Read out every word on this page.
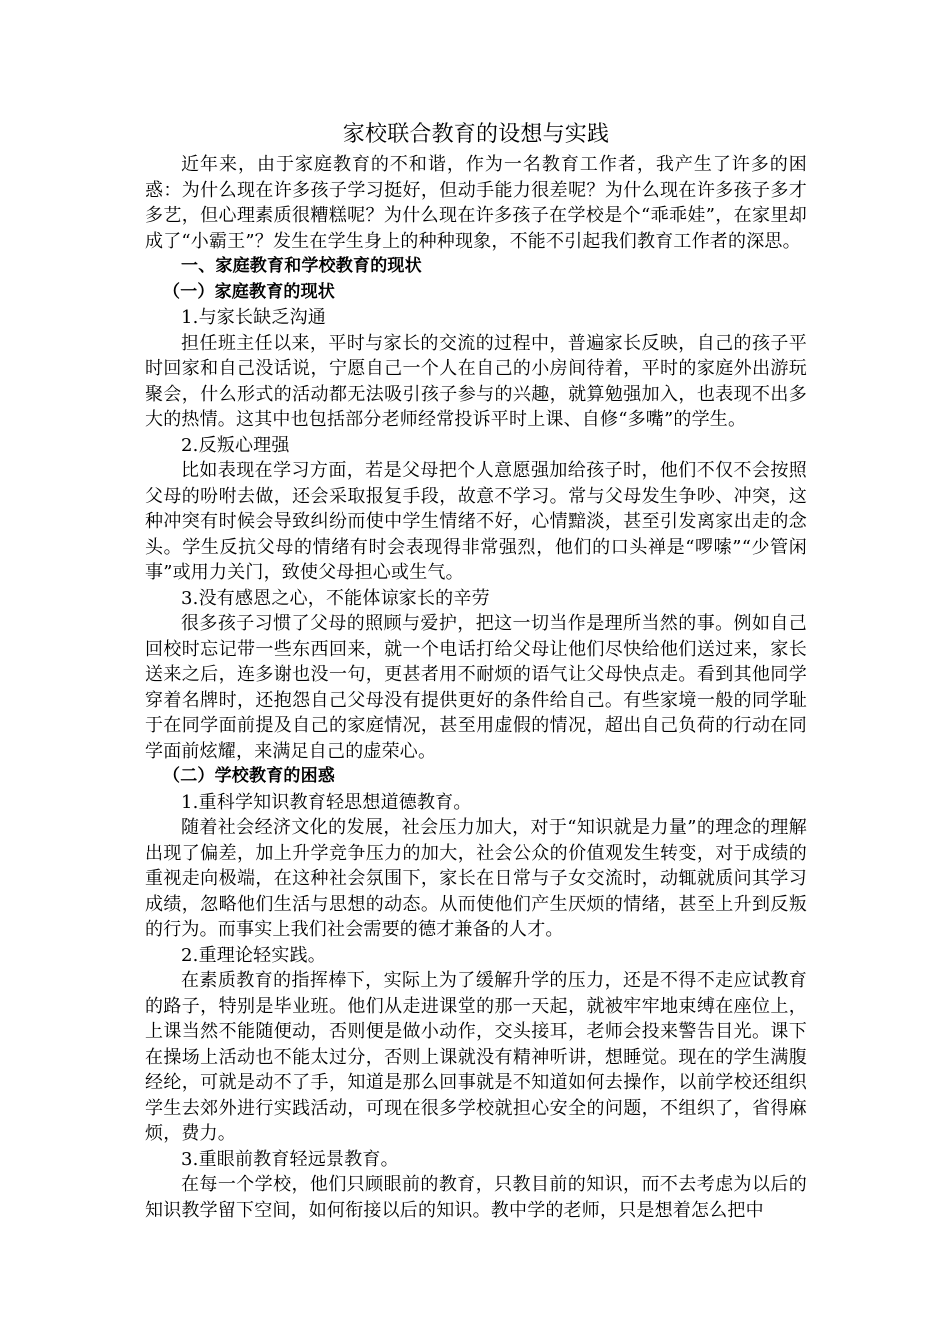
家校联合教育的设想与实践

近年来，由于家庭教育的不和谐，作为一名教育工作者，我产生了许多的困惑：为什么现在许多孩子学习挺好，但动手能力很差呢？为什么现在许多孩子多才多艺，但心理素质很糟糕呢？为什么现在许多孩子在学校是个“乖乖娃”，在家里却成了“小霸王”？发生在学生身上的种种现象，不能不引起我们教育工作者的深思。

一、家庭教育和学校教育的现状

（一）家庭教育的现状

1.与家长缺乏沟通

担任班主任以来，平时与家长的交流的过程中，普遍家长反映，自己的孩子平时回家和自己没话说，宁愿自己一个人在自己的小房间待着，平时的家庭外出游玩聚会，什么形式的活动都无法吸引孩子参与的兴趣，就算勉强加入，也表现不出多大的热情。这其中也包括部分老师经常投诉平时上课、自修“多嘴”的学生。

2.反叛心理强

比如表现在学习方面，若是父母把个人意愿强加给孩子时，他们不仅不会按照父母的吩咐去做，还会采取报复手段，故意不学习。常与父母发生争吵、冲突，这种冲突有时候会导致纠纷而使中学生情绪不好，心情黯淡，甚至引发离家出走的念头。学生反抗父母的情绪有时会表现得非常强烈，他们的口头禅是“啰嗦”“少管闲事”或用力关门，致使父母担心或生气。

3.没有感恩之心，不能体谅家长的辛劳

很多孩子习惯了父母的照顾与爱护，把这一切当作是理所当然的事。例如自己回校时忘记带一些东西回来，就一个电话打给父母让他们尽快给他们送过来，家长送来之后，连多谢也没一句，更甚者用不耐烦的语气让父母快点走。看到其他同学穿着名牌时，还抱怨自己父母没有提供更好的条件给自己。有些家境一般的同学耻于在同学面前提及自己的家庭情况，甚至用虚假的情况，超出自己负荷的行动在同学面前炫耀，来满足自己的虚荣心。

（二）学校教育的困惑

1.重科学知识教育轻思想道德教育。

随着社会经济文化的发展，社会压力加大，对于“知识就是力量”的理念的理解出现了偏差，加上升学竞争压力的加大，社会公众的价值观发生转变，对于成绩的重视走向极端，在这种社会氛围下，家长在日常与子女交流时，动辄就质问其学习成绩，忽略他们生活与思想的动态。从而使他们产生厌烦的情绪，甚至上升到反叛的行为。而事实上我们社会需要的德才兼备的人才。

2.重理论轻实践。

在素质教育的指挥棒下，实际上为了缓解升学的压力，还是不得不走应试教育的路子，特别是毕业班。他们从走进课堂的那一天起，就被牢牢地束缚在座位上，上课当然不能随便动，否则便是做小动作，交头接耳，老师会投来警告目光。课下在操场上活动也不能太过分，否则上课就没有精神听讲，想睡觉。现在的学生满腹经纶，可就是动不了手，知道是那么回事就是不知道如何去操作，以前学校还组织学生去郊外进行实践活动，可现在很多学校就担心安全的问题，不组织了，省得麻烦，费力。

3.重眼前教育轻远景教育。

在每一个学校，他们只顾眼前的教育，只教目前的知识，而不去考虑为以后的知识教学留下空间，如何衔接以后的知识。教中学的老师，只是想着怎么把中
